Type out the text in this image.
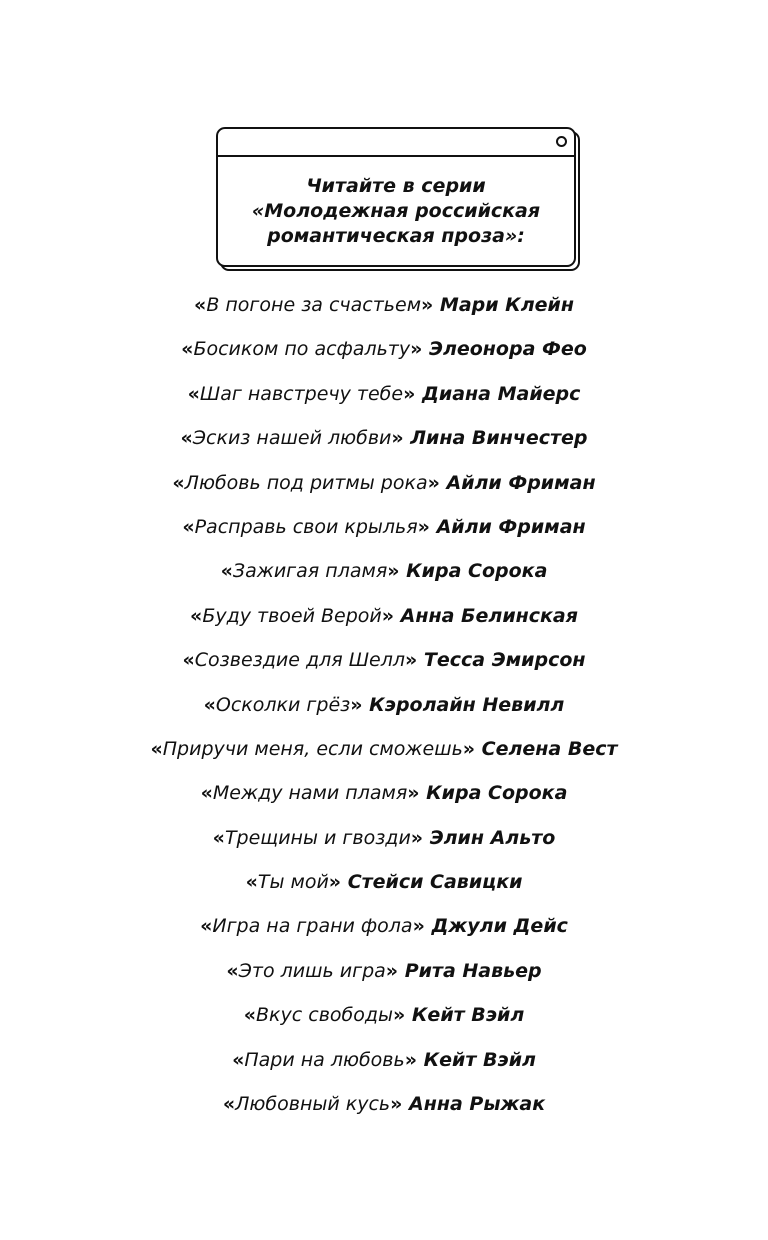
Читайте в серии
«Молодежная российская
романтическая проза»:
«В погоне за счастьем» Мари Клейн
«Босиком по асфальту» Элеонора Фео
«Шаг навстречу тебе» Диана Майерс
«Эскиз нашей любви» Лина Винчестер
«Любовь под ритмы рока» Айли Фриман
«Расправь свои крылья» Айли Фриман
«Зажигая пламя» Кира Сорока
«Буду твоей Верой» Анна Белинская
«Созвездие для Шелл» Тесса Эмирсон
«Осколки грёз» Кэролайн Невилл
«Приручи меня, если сможешь» Селена Вест
«Между нами пламя» Кира Сорока
«Трещины и гвозди» Элин Альто
«Ты мой» Стейси Савицки
«Игра на грани фола» Джули Дейс
«Это лишь игра» Рита Навьер
«Вкус свободы» Кейт Вэйл
«Пари на любовь» Кейт Вэйл
«Любовный кусь» Анна Рыжак
